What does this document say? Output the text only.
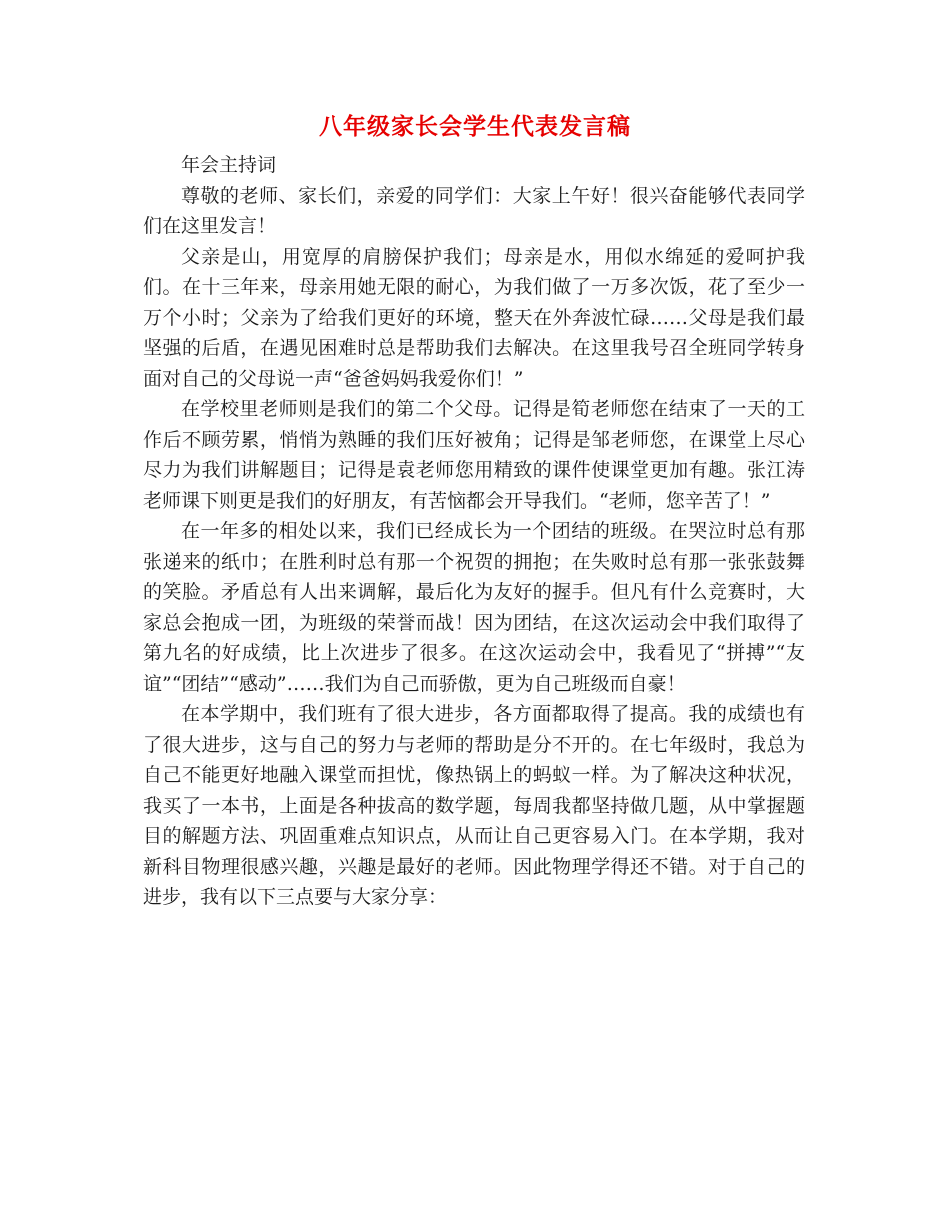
八年级家长会学生代表发言稿

年会主持词

尊敬的老师、家长们，亲爱的同学们：大家上午好！很兴奋能够代表同学们在这里发言！

父亲是山，用宽厚的肩膀保护我们；母亲是水，用似水绵延的爱呵护我们。在十三年来，母亲用她无限的耐心，为我们做了一万多次饭，花了至少一万个小时；父亲为了给我们更好的环境，整天在外奔波忙碌……父母是我们最坚强的后盾，在遇见困难时总是帮助我们去解决。在这里我号召全班同学转身面对自己的父母说一声“爸爸妈妈我爱你们！”

在学校里老师则是我们的第二个父母。记得是筍老师您在结束了一天的工作后不顾劳累，悄悄为熟睡的我们压好被角；记得是邹老师您，在课堂上尽心尽力为我们讲解题目；记得是袁老师您用精致的课件使课堂更加有趣。张江涛老师课下则更是我们的好朋友，有苦恼都会开导我们。“老师，您辛苦了！”

在一年多的相处以来，我们已经成长为一个团结的班级。在哭泣时总有那张递来的纸巾；在胜利时总有那一个祝贺的拥抱；在失败时总有那一张张鼓舞的笑脸。矛盾总有人出来调解，最后化为友好的握手。但凡有什么竞赛时，大家总会抱成一团，为班级的荣誉而战！因为团结，在这次运动会中我们取得了第九名的好成绩，比上次进步了很多。在这次运动会中，我看见了“拼搏”“友谊”“团结”“感动”……我们为自己而骄傲，更为自己班级而自豪！

在本学期中，我们班有了很大进步，各方面都取得了提高。我的成绩也有了很大进步，这与自己的努力与老师的帮助是分不开的。在七年级时，我总为自己不能更好地融入课堂而担忧，像热锅上的蚂蚁一样。为了解决这种状况，我买了一本书，上面是各种拔高的数学题，每周我都坚持做几题，从中掌握题目的解题方法、巩固重难点知识点，从而让自己更容易入门。在本学期，我对新科目物理很感兴趣，兴趣是最好的老师。因此物理学得还不错。对于自己的进步，我有以下三点要与大家分享：
